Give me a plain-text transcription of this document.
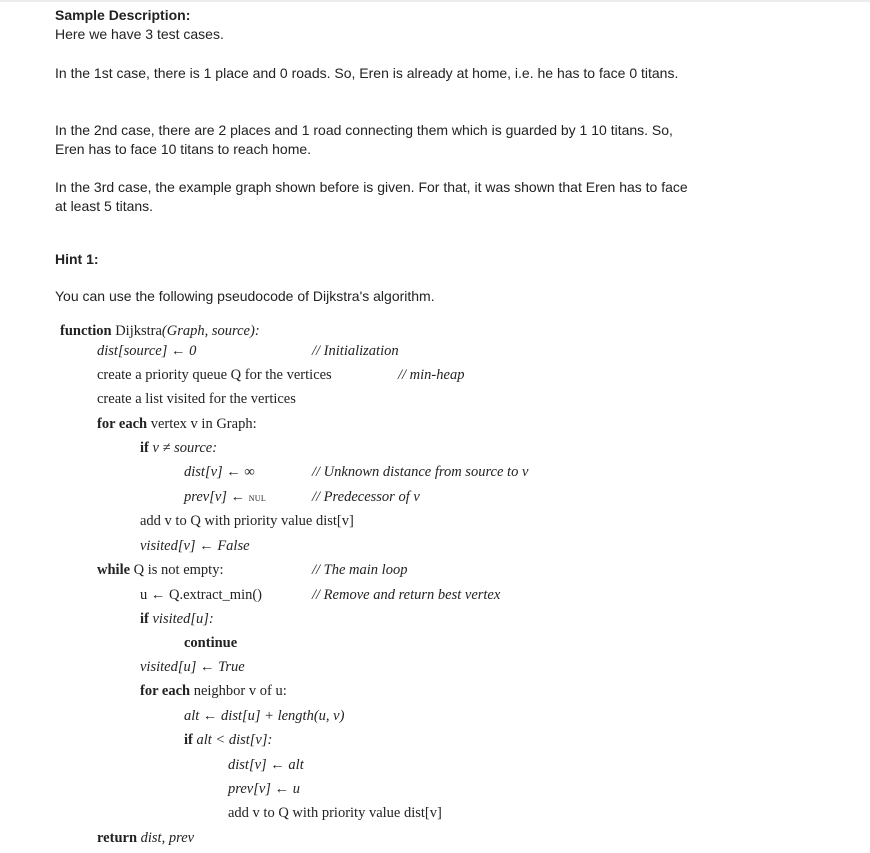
Sample Description:
Here we have 3 test cases.
In the 1st case, there is 1 place and 0 roads. So, Eren is already at home, i.e. he has to face 0 titans.
In the 2nd case, there are 2 places and 1 road connecting them which is guarded by 1 10 titans. So, Eren has to face 10 titans to reach home.
In the 3rd case, the example graph shown before is given. For that, it was shown that Eren has to face at least 5 titans.
Hint 1:
You can use the following pseudocode of Dijkstra's algorithm.
function Dijkstra(Graph, source):
dist[source] ← 0	// Initialization
create a priority queue Q for the vertices	// min-heap
create a list visited for the vertices
for each vertex v in Graph:
if v ≠ source:
dist[v] ← ∞	// Unknown distance from source to v
prev[v] ← NUL	// Predecessor of v
add v to Q with priority value dist[v]
visited[v] ← False
while Q is not empty:	// The main loop
u ← Q.extract_min()	// Remove and return best vertex
if visited[u]:
continue
visited[u] ← True
for each neighbor v of u:
alt ← dist[u] + length(u, v)
if alt < dist[v]:
dist[v] ← alt
prev[v] ← u
add v to Q with priority value dist[v]
return dist, prev
